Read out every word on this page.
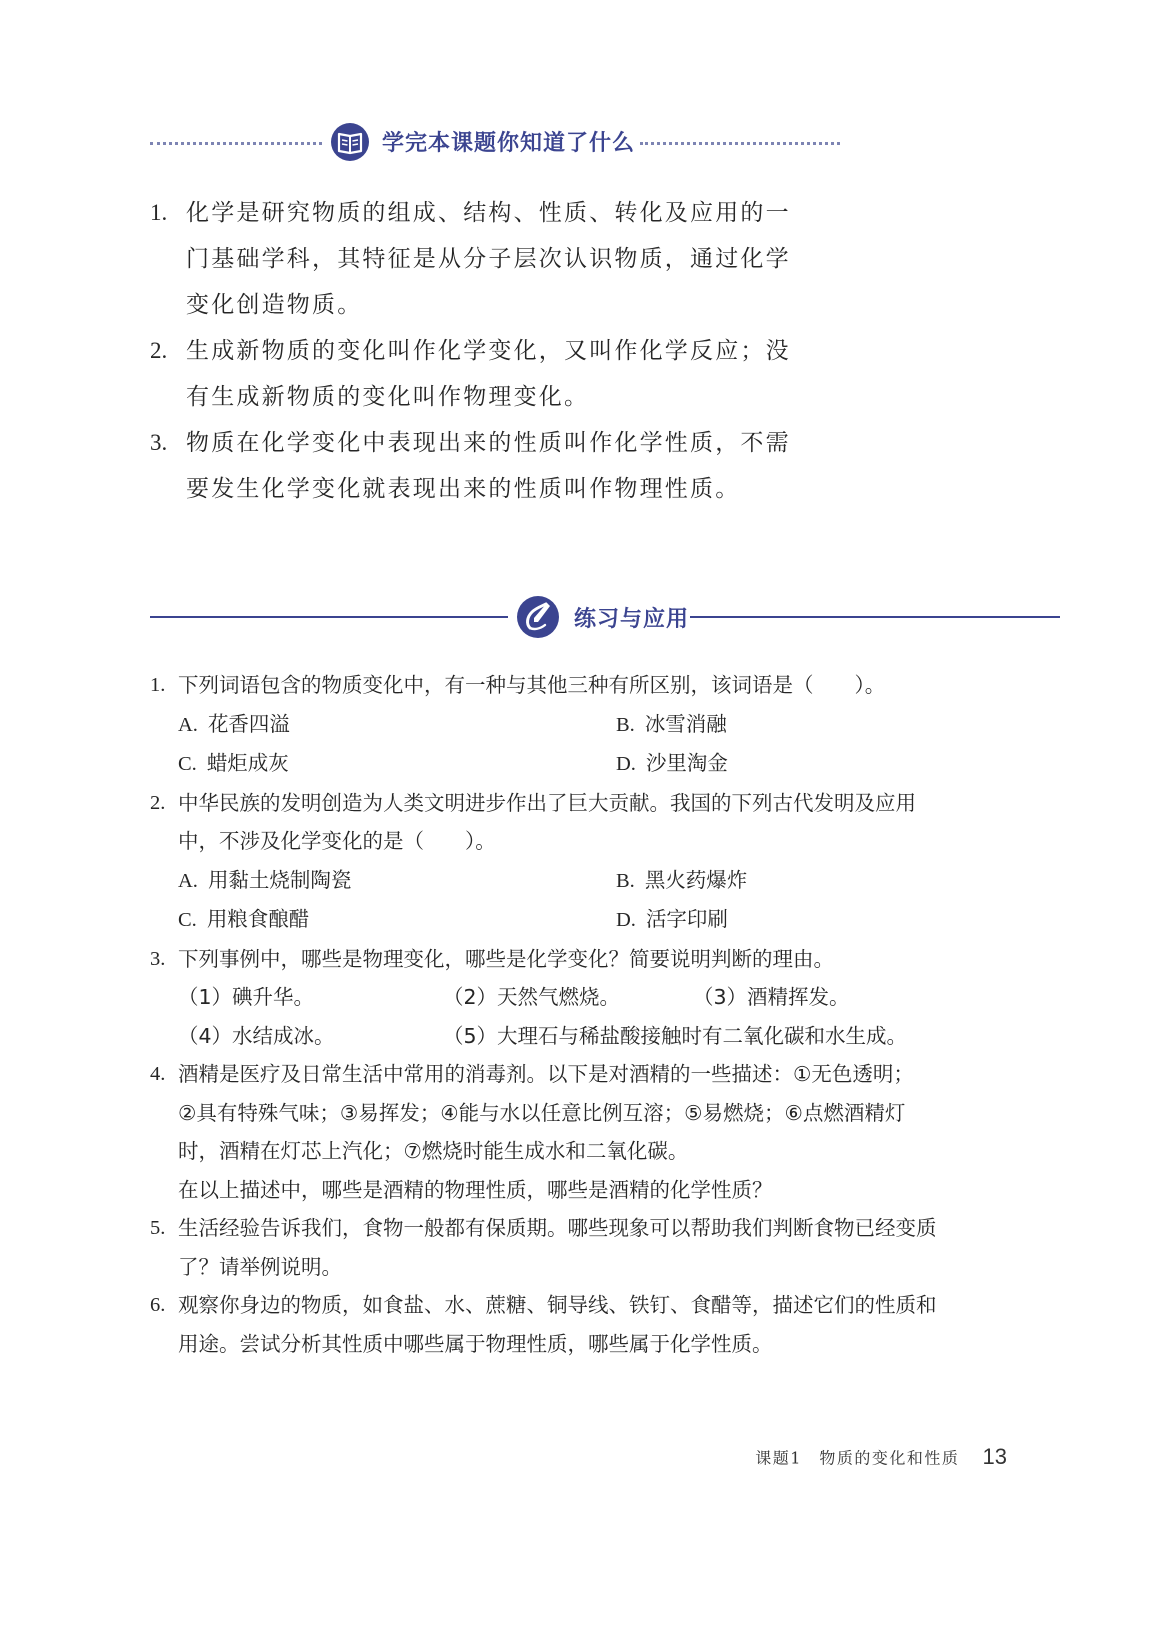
学完本课题你知道了什么
1. 化学是研究物质的组成、结构、性质、转化及应用的一
门基础学科，其特征是从分子层次认识物质，通过化学
变化创造物质。
2. 生成新物质的变化叫作化学变化，又叫作化学反应；没
有生成新物质的变化叫作物理变化。
3. 物质在化学变化中表现出来的性质叫作化学性质，不需
要发生化学变化就表现出来的性质叫作物理性质。
练习与应用
1. 下列词语包含的物质变化中，有一种与其他三种有所区别，该词语是（　　）。
A. 花香四溢	B. 冰雪消融
C. 蜡炬成灰	D. 沙里淘金
2. 中华民族的发明创造为人类文明进步作出了巨大贡献。我国的下列古代发明及应用
中，不涉及化学变化的是（　　）。
A. 用黏土烧制陶瓷	B. 黑火药爆炸
C. 用粮食酿醋	D. 活字印刷
3. 下列事例中，哪些是物理变化，哪些是化学变化？简要说明判断的理由。
（1）碘升华。	（2）天然气燃烧。	（3）酒精挥发。
（4）水结成冰。	（5）大理石与稀盐酸接触时有二氧化碳和水生成。
4. 酒精是医疗及日常生活中常用的消毒剂。以下是对酒精的一些描述：①无色透明；
②具有特殊气味；③易挥发；④能与水以任意比例互溶；⑤易燃烧；⑥点燃酒精灯
时，酒精在灯芯上汽化；⑦燃烧时能生成水和二氧化碳。
在以上描述中，哪些是酒精的物理性质，哪些是酒精的化学性质？
5. 生活经验告诉我们，食物一般都有保质期。哪些现象可以帮助我们判断食物已经变质
了？请举例说明。
6. 观察你身边的物质，如食盐、水、蔗糖、铜导线、铁钉、食醋等，描述它们的性质和
用途。尝试分析其性质中哪些属于物理性质，哪些属于化学性质。
课题1　物质的变化和性质 13
